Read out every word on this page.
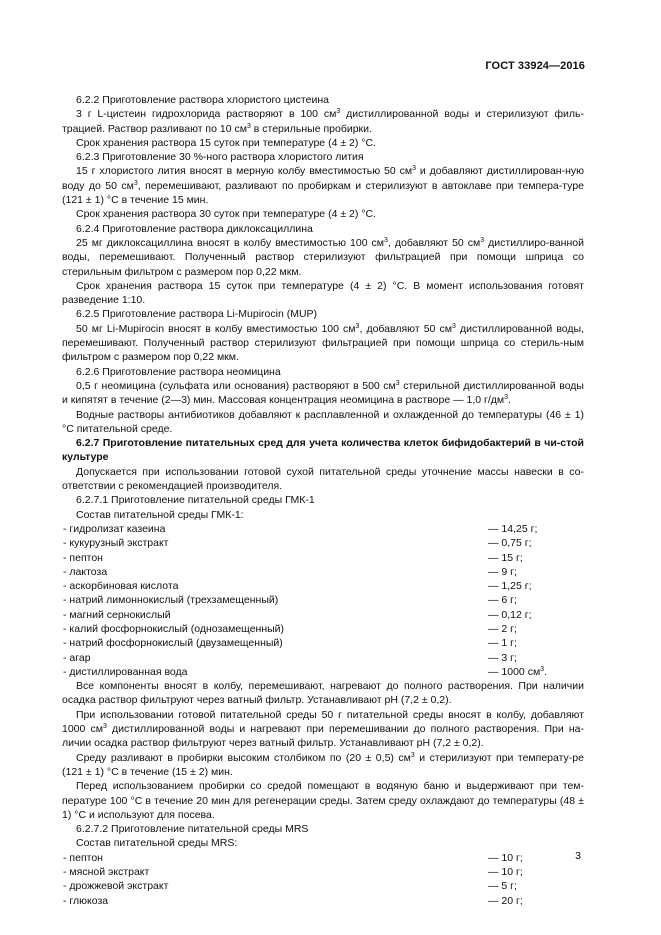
ГОСТ 33924—2016

6.2.2 Приготовление раствора хлористого цистеина

3 г L-цистеин гидрохлорида растворяют в 100 $см^3$ дистиллированной воды и стерилизуют филь-трацией. Раствор разливают по 10 $см^3$ в стерильные пробирки.

Срок хранения раствора 15 суток при температуре (4 ± 2) °С.

6.2.3 Приготовление 30 %-ного раствора хлористого лития

15 г хлористого лития вносят в мерную колбу вместимостью 50 $см^3$ и добавляют дистиллирован-ную воду до 50 $см^3$, перемешивают, разливают по пробиркам и стерилизуют в автоклаве при темпера-туре (121 ± 1) °С в течение 15 мин.

Срок хранения раствора 30 суток при температуре (4 ± 2) °С.

6.2.4 Приготовление раствора диклоксациллина

25 мг диклоксациллина вносят в колбу вместимостью 100 $см^3$, добавляют 50 $см^3$ дистиллиро-ванной воды, перемешивают. Полученный раствор стерилизуют фильтрацией при помощи шприца со стерильным фильтром с размером пор 0,22 мкм.

Срок хранения раствора 15 суток при температуре (4 ± 2) °С. В момент использования готовят разведение 1:10.

6.2.5 Приготовление раствора Li-Mupirocin (MUP)

50 мг Li-Mupirocin вносят в колбу вместимостью 100 $см^3$, добавляют 50 $см^3$ дистиллированной воды, перемешивают. Полученный раствор стерилизуют фильтрацией при помощи шприца со стериль-ным фильтром с размером пор 0,22 мкм.

6.2.6 Приготовление раствора неомицина

0,5 г неомицина (сульфата или основания) растворяют в 500 $см^3$ стерильной дистиллированной воды и кипятят в течение (2—3) мин. Массовая концентрация неомицина в растворе — 1,0 $г/дм^3$.

Водные растворы антибиотиков добавляют к расплавленной и охлажденной до температуры (46 ± 1) °С питательной среде.

6.2.7 Приготовление питательных сред для учета количества клеток бифидобактерий в чи-стой культуре

Допускается при использовании готовой сухой питательной среды уточнение массы навески в со-ответствии с рекомендацией производителя.

6.2.7.1 Приготовление питательной среды ГМК-1

Состав питательной среды ГМК-1:

- гидролизат казеина	— 14,25 г;
- кукурузный экстракт	— 0,75 г;
- пептон	— 15 г;
- лактоза	— 9 г;
- аскорбиновая кислота	— 1,25 г;
- натрий лимоннокислый (трехзамещенный)	— 6 г;
- магний сернокислый	— 0,12 г;
- калий фосфорнокислый (однозамещенный)	— 2 г;
- натрий фосфорнокислый (двузамещенный)	— 1 г;
- агар	— 3 г;
- дистиллированная вода	— 1000 $см^3$.

Все компоненты вносят в колбу, перемешивают, нагревают до полного растворения. При наличии осадка раствор фильтруют через ватный фильтр. Устанавливают pH (7,2 ± 0,2).

При использовании готовой питательной среды 50 г питательной среды вносят в колбу, добавляют 1000 $см^3$ дистиллированной воды и нагревают при перемешивании до полного растворения. При на-личии осадка раствор фильтруют через ватный фильтр. Устанавливают pH (7,2 ± 0,2).

Среду разливают в пробирки высоким столбиком по (20 ± 0,5) $см^3$ и стерилизуют при температу-ре (121 ± 1) °С в течение (15 ± 2) мин.

Перед использованием пробирки со средой помещают в водяную баню и выдерживают при тем-пературе 100 °С в течение 20 мин для регенерации среды. Затем среду охлаждают до температуры (48 ± 1) °С и используют для посева.

6.2.7.2 Приготовление питательной среды MRS

Состав питательной среды MRS:

- пептон	— 10 г;
- мясной экстракт	— 10 г;
- дрожжевой экстракт	— 5 г;
- глюкоза	— 20 г;
3
